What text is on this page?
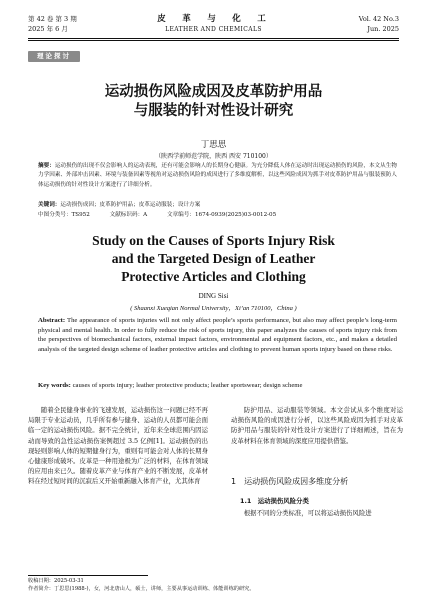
第 42 卷 第 3 期
2025 年 6 月
皮　革　与　化　工
LEATHER AND CHEMICALS
Vol. 42 No.3
Jun. 2025
理论探讨
运动损伤风险成因及皮革防护用品
与服装的针对性设计研究
丁思思
（陕西学前师范学院，陕西 西安 710100）
摘要：运动损伤的出现不仅会影响人的运动表现，还有可能会影响人的长期身心健康。为充分降低人体在运动时出现运动损伤的风险，本文从生物力学因素、外部冲击因素、环境与装备因素等视角对运动损伤风险的成因进行了多维度解析，以这些风险成因为抓手对皮革防护用品与服装预防人体运动损伤的针对性设计方案进行了详细分析。
关键词：运动损伤成因；皮革防护用品；皮革运动服装；设计方案
中图分类号：TS952	文献标识码：A	文章编号：1674-0939(2025)03-0012-05
Study on the Causes of Sports Injury Risk
and the Targeted Design of Leather
Protective Articles and Clothing
DING Sisi
( Shaanxi Xueqian Normal University，Xi’an 710100，China )
Abstract: The appearance of sports injuries will not only affect people’s sports performance, but also may affect people’s long-term physical and mental health. In order to fully reduce the risk of sports injury, this paper analyzes the causes of sports injury risk from the perspectives of biomechanical factors, external impact factors, environmental and equipment factors, etc., and makes a detailed analysis of the targeted design scheme of leather protective articles and clothing to prevent human sports injury based on these risks.
Key words: causes of sports injury; leather protective products; leather sportswear; design scheme

随着全民健身事业的飞速发展，运动损伤这一问题已经不再局限于专业运动员，几乎所有参与健身、运动的人员都可能会面临一定的运动损伤风险。据不完全统计，近年来全球范围内因运动而导致的急性运动损伤案例超过 3.5 亿例[1]。运动损伤的出现轻则影响人体的短期健身行为，重则有可能会对人体的长期身心健康形成破坏。皮革是一种用途极为广泛的材料，在体育领域的应用由来已久。随着皮革产业与体育产业的不断发展，皮革材料在经过短时间的沉寂后又开始重新融入体育产业，尤其体育

防护用品、运动服装等领域。本文尝试从多个维度对运动损伤风险的成因进行分析，以这些风险成因为抓手对皮革防护用品与服装的针对性设计方案进行了详细阐述，旨在为皮革材料在体育领域的深度应用提供借鉴。

1　运动损伤风险成因多维度分析
1.1　运动损伤风险分类

根据不同的分类标准，可以将运动损伤风险进

收稿日期：2025-03-31
作者简介：丁思思(1988-)，女，河北唐山人，硕士，讲师，主要从事运动训练、体能训练的研究。
